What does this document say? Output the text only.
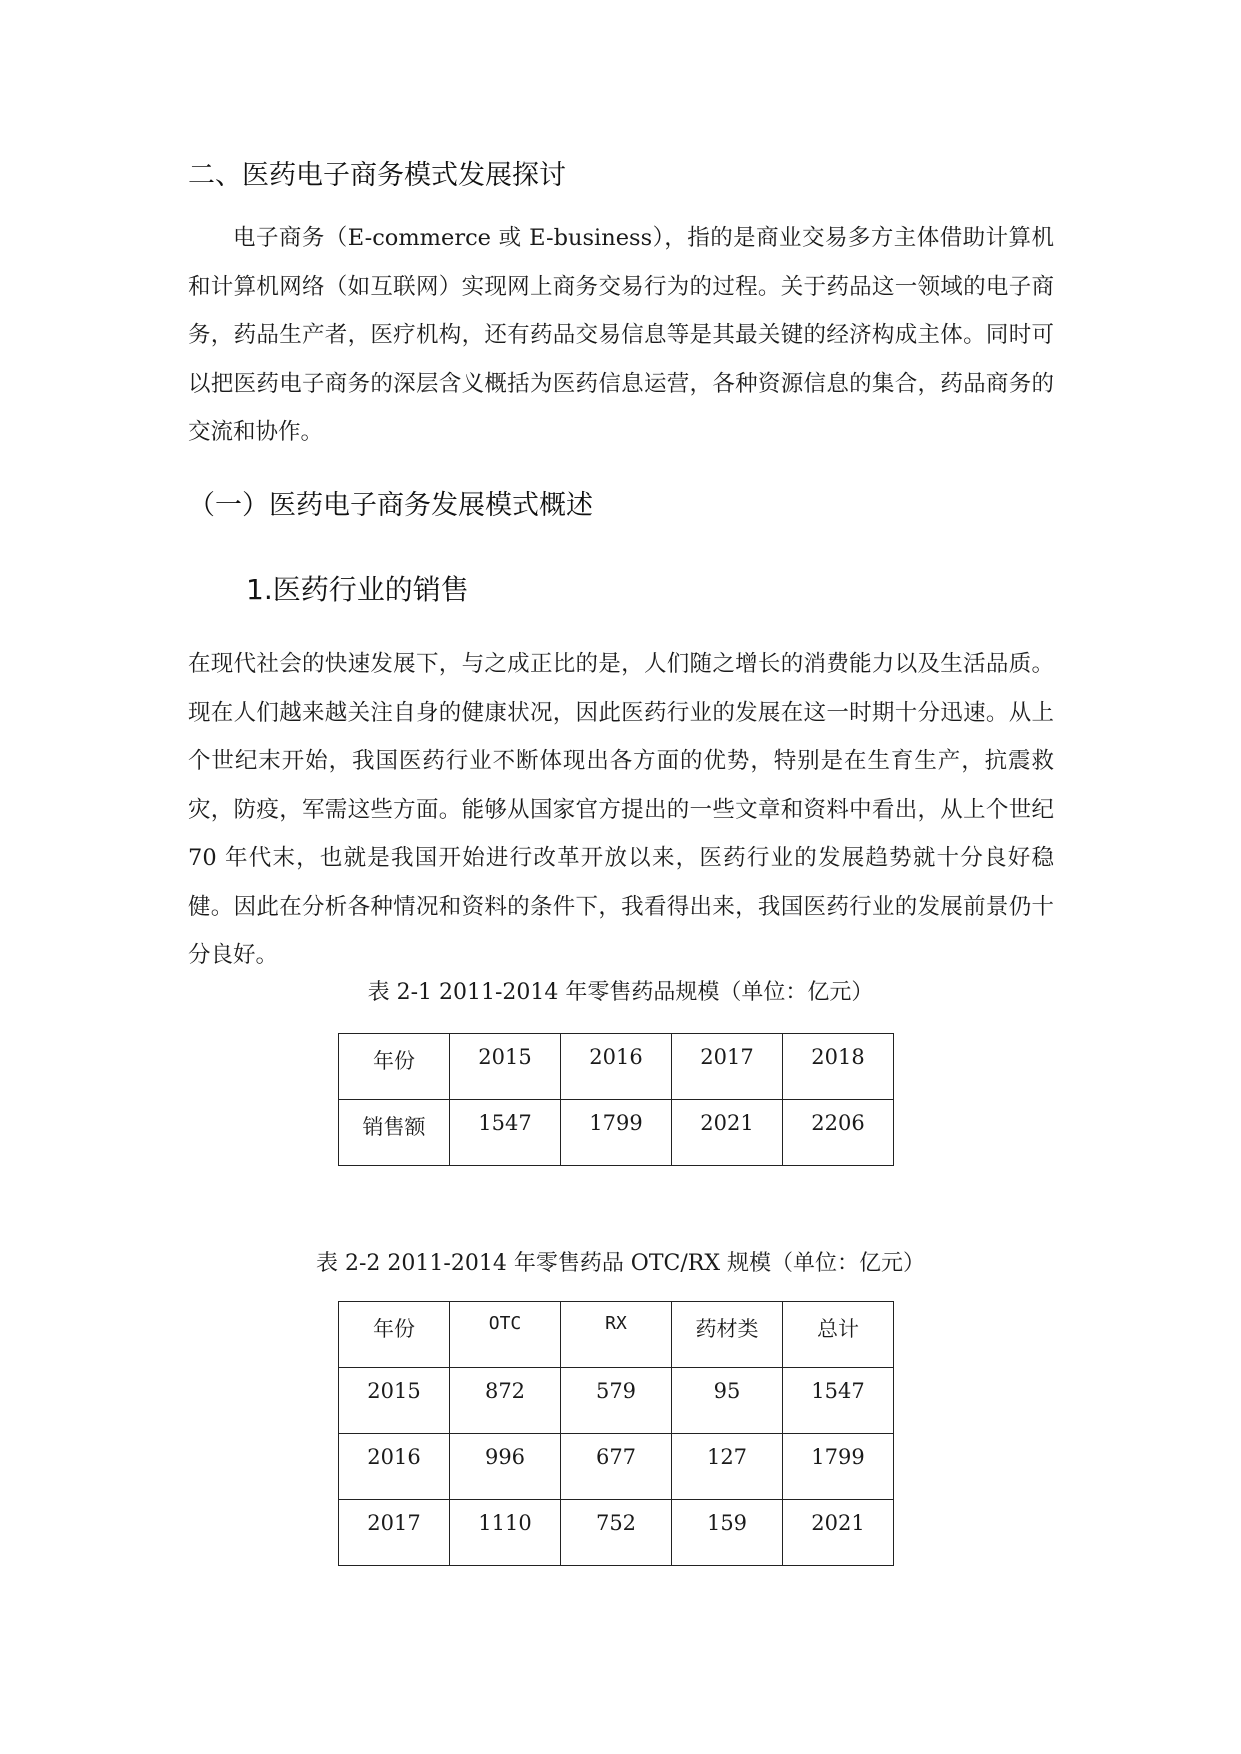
二、医药电子商务模式发展探讨

电子商务（E-commerce 或 E-business），指的是商业交易多方主体借助计算机和计算机网络（如互联网）实现网上商务交易行为的过程。关于药品这一领域的电子商务，药品生产者，医疗机构，还有药品交易信息等是其最关键的经济构成主体。同时可以把医药电子商务的深层含义概括为医药信息运营，各种资源信息的集合，药品商务的交流和协作。

（一）医药电子商务发展模式概述
1.医药行业的销售

在现代社会的快速发展下，与之成正比的是，人们随之增长的消费能力以及生活品质。现在人们越来越关注自身的健康状况，因此医药行业的发展在这一时期十分迅速。从上个世纪末开始，我国医药行业不断体现出各方面的优势，特别是在生育生产，抗震救灾，防疫，军需这些方面。能够从国家官方提出的一些文章和资料中看出，从上个世纪 70 年代末，也就是我国开始进行改革开放以来，医药行业的发展趋势就十分良好稳健。因此在分析各种情况和资料的条件下，我看得出来，我国医药行业的发展前景仍十分良好。

表 2-1 2011-2014 年零售药品规模（单位：亿元）
年份	2015	2016	2017	2018
销售额	1547	1799	2021	2206
表 2-2 2011-2014 年零售药品 OTC/RX 规模（单位：亿元）
年份	OTC	RX	药材类	总计
2015	872	579	95	1547
2016	996	677	127	1799
2017	1110	752	159	2021
